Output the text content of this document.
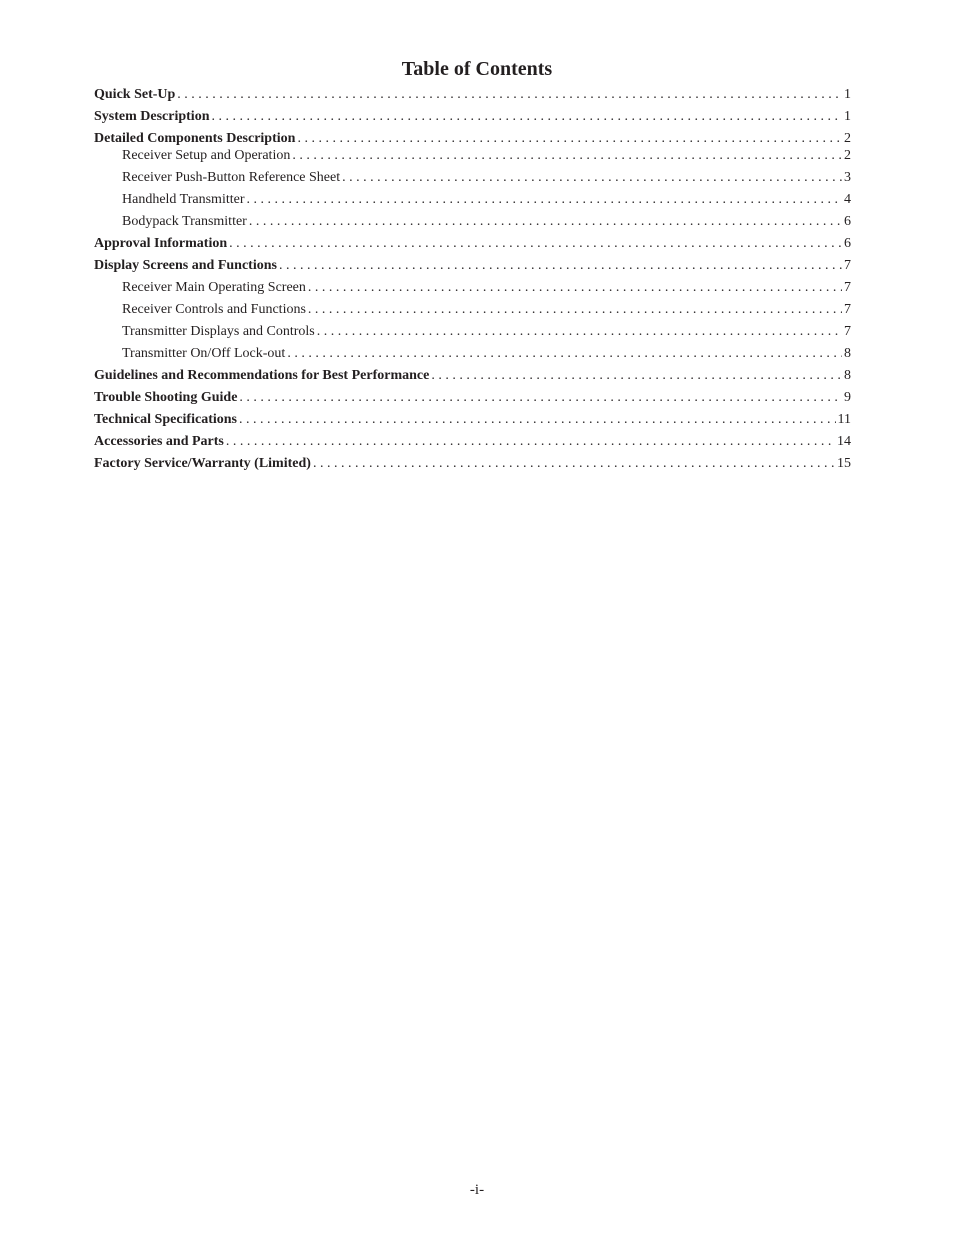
Table of Contents
Quick Set-Up . . .	1
System Description . . .	1
Detailed Components Description . . .	2
Receiver Setup and Operation . . .	2
Receiver Push-Button Reference Sheet . . .	3
Handheld Transmitter . . .	4
Bodypack Transmitter . . .	6
Approval Information . . .	6
Display Screens and Functions . . .	7
Receiver Main Operating Screen . . .	7
Receiver Controls and Functions . . .	7
Transmitter Displays and Controls . . .	7
Transmitter On/Off Lock-out . . .	8
Guidelines and Recommendations for Best Performance . . .	8
Trouble Shooting Guide . . .	9
Technical Specifications . . .	11
Accessories and Parts . . .	14
Factory Service/Warranty (Limited) . . .	15
-i-
